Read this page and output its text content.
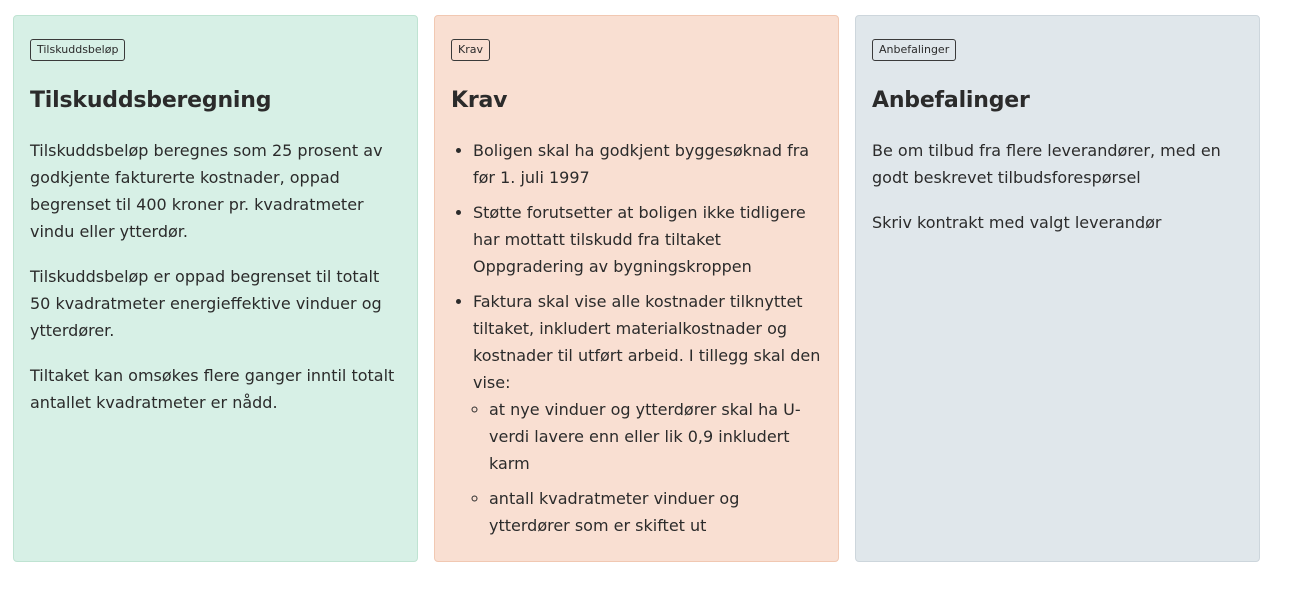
Tilskuddsbeløp
Tilskuddsberegning

Tilskuddsbeløp beregnes som 25 prosent av godkjente fakturerte kostnader, oppad begrenset til 400 kroner pr. kvadratmeter vindu eller ytterdør.

Tilskuddsbeløp er oppad begrenset til totalt 50 kvadratmeter energieffektive vinduer og ytterdører.

Tiltaket kan omsøkes flere ganger inntil totalt antallet kvadratmeter er nådd.

Krav
Krav
• Boligen skal ha godkjent byggesøknad fra før 1. juli 1997
• Støtte forutsetter at boligen ikke tidligere har mottatt tilskudd fra tiltaket Oppgradering av bygningskroppen
• Faktura skal vise alle kostnader tilknyttet tiltaket, inkludert materialkostnader og kostnader til utført arbeid. I tillegg skal den vise:
◦ at nye vinduer og ytterdører skal ha U-verdi lavere enn eller lik 0,9 inkludert karm
◦ antall kvadratmeter vinduer og ytterdører som er skiftet ut
Anbefalinger
Anbefalinger

Be om tilbud fra flere leverandører, med en godt beskrevet tilbudsforespørsel

Skriv kontrakt med valgt leverandør
